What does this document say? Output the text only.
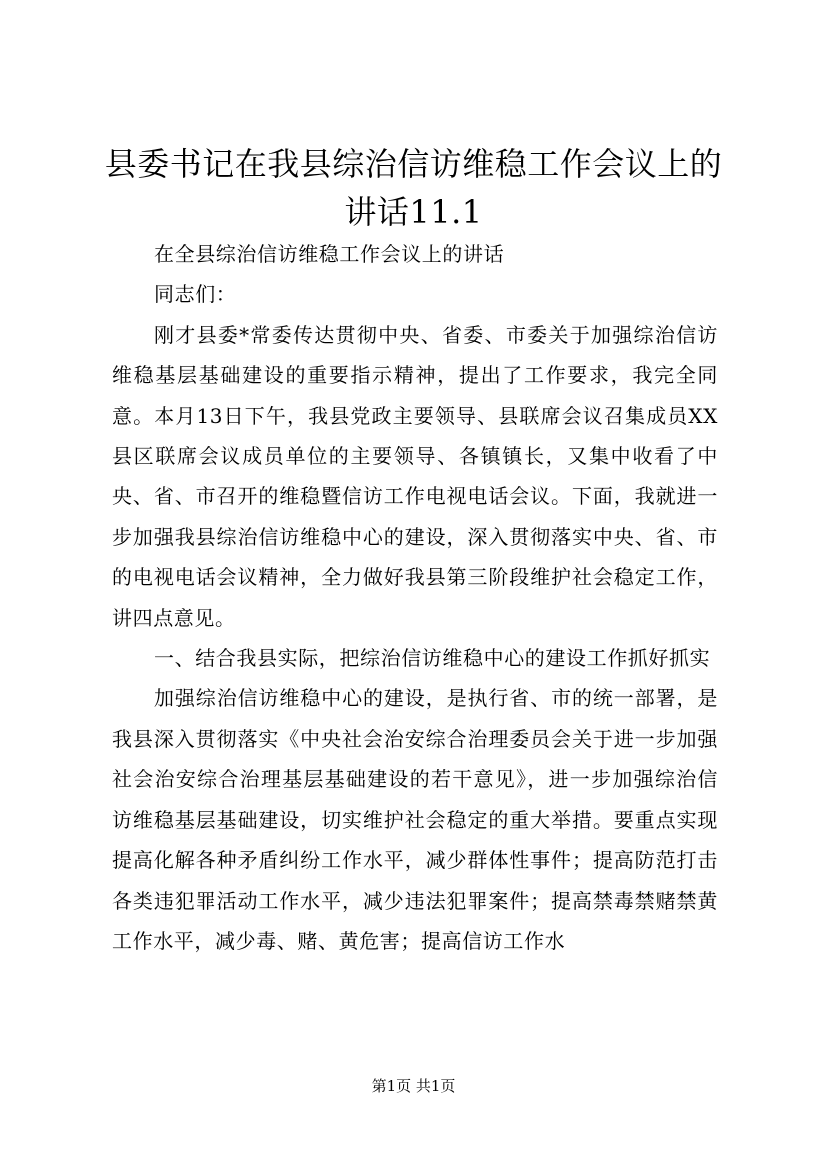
县委书记在我县综治信访维稳工作会议上的讲话11.1

在全县综治信访维稳工作会议上的讲话

同志们：

刚才县委*常委传达贯彻中央、省委、市委关于加强综治信访维稳基层基础建设的重要指示精神，提出了工作要求，我完全同意。本月13日下午，我县党政主要领导、县联席会议召集成员XX县区联席会议成员单位的主要领导、各镇镇长，又集中收看了中央、省、市召开的维稳暨信访工作电视电话会议。下面，我就进一步加强我县综治信访维稳中心的建设，深入贯彻落实中央、省、市的电视电话会议精神，全力做好我县第三阶段维护社会稳定工作，讲四点意见。

一、结合我县实际，把综治信访维稳中心的建设工作抓好抓实

加强综治信访维稳中心的建设，是执行省、市的统一部署，是我县深入贯彻落实《中央社会治安综合治理委员会关于进一步加强社会治安综合治理基层基础建设的若干意见》，进一步加强综治信访维稳基层基础建设，切实维护社会稳定的重大举措。要重点实现提高化解各种矛盾纠纷工作水平，减少群体性事件；提高防范打击各类违犯罪活动工作水平，减少违法犯罪案件；提高禁毒禁赌禁黄工作水平，减少毒、赌、黄危害；提高信访工作水

第1页 共1页
